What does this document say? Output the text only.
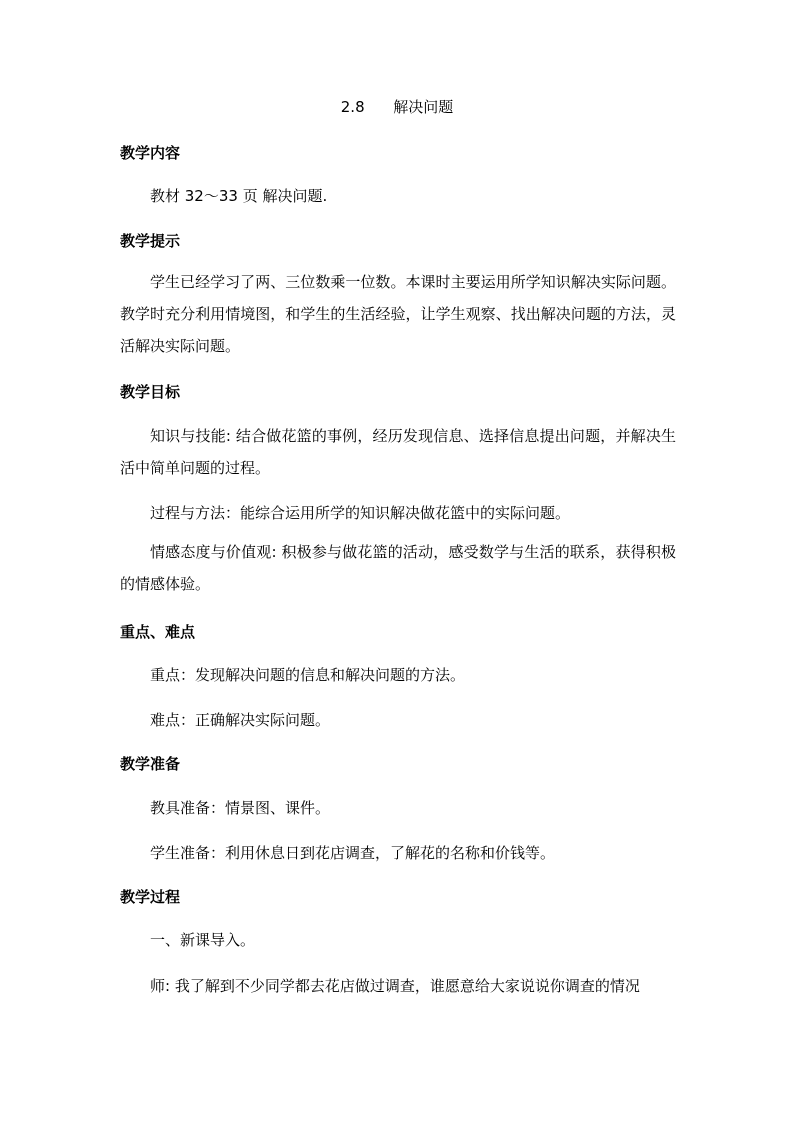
2.8      解决问题
教学内容
教材 32～33 页 解决问题.
教学提示
学生已经学习了两、三位数乘一位数。本课时主要运用所学知识解决实际问题。教学时充分利用情境图，和学生的生活经验，让学生观察、找出解决问题的方法，灵活解决实际问题。
教学目标
知识与技能: 结合做花篮的事例，经历发现信息、选择信息提出问题，并解决生活中简单问题的过程。
过程与方法：能综合运用所学的知识解决做花篮中的实际问题。
情感态度与价值观: 积极参与做花篮的活动，感受数学与生活的联系，获得积极的情感体验。
重点、难点
重点：发现解决问题的信息和解决问题的方法。
难点：正确解决实际问题。
教学准备
教具准备：情景图、课件。
学生准备：利用休息日到花店调查，了解花的名称和价钱等。
教学过程
一、新课导入。
师: 我了解到不少同学都去花店做过调查，谁愿意给大家说说你调查的情况
